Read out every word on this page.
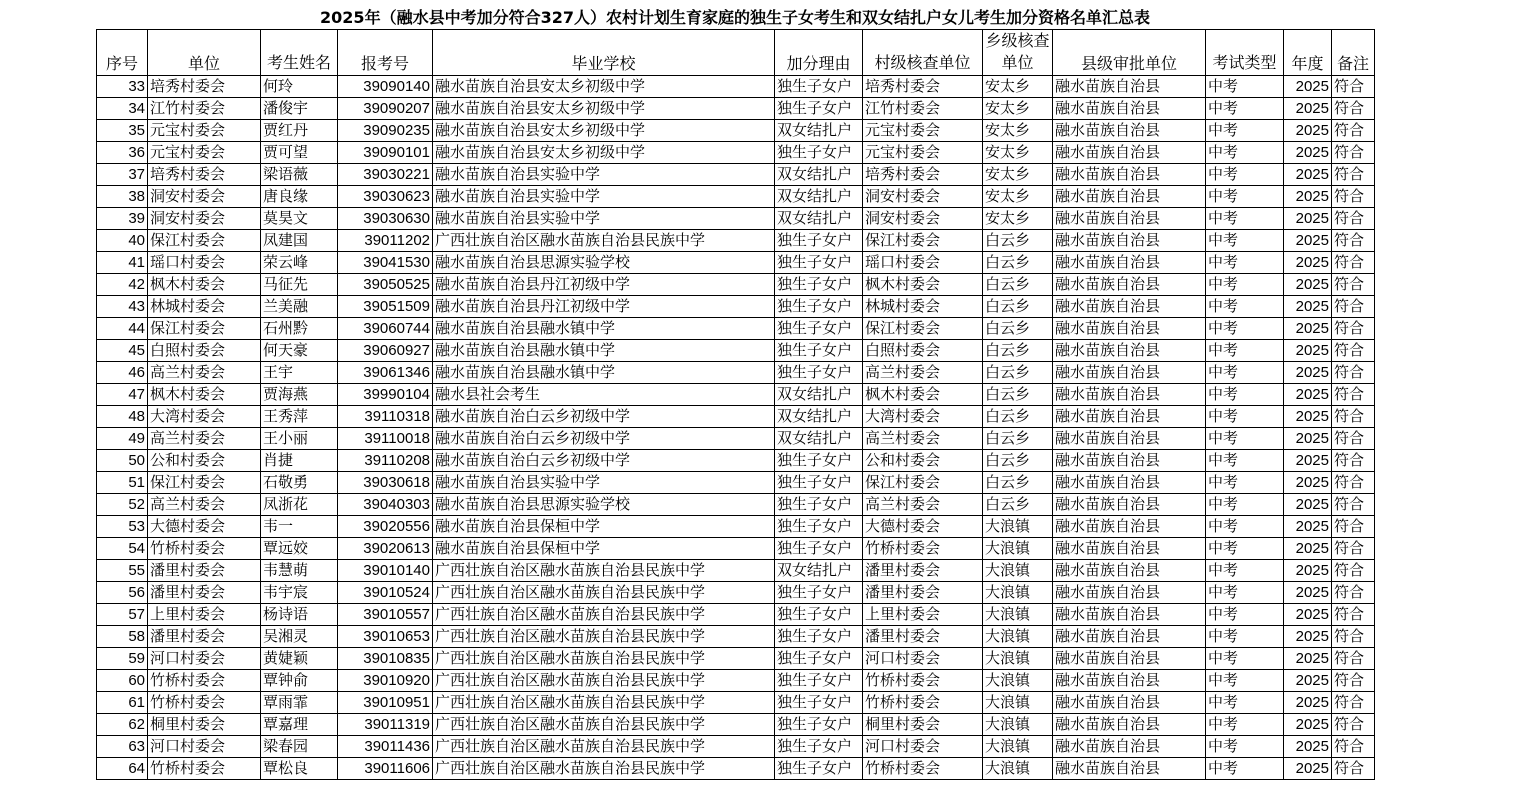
2025年（融水县中考加分符合327人）农村计划生育家庭的独生子女考生和双女结扎户女儿考生加分资格名单汇总表
序号	单位	考生姓名	报考号	毕业学校	加分理由	村级核查单位	乡级核查单位	县级审批单位	考试类型	年度	备注
33	培秀村委会	何玲	39090140	融水苗族自治县安太乡初级中学	独生子女户	培秀村委会	安太乡	融水苗族自治县	中考	2025	符合
34	江竹村委会	潘俊宇	39090207	融水苗族自治县安太乡初级中学	独生子女户	江竹村委会	安太乡	融水苗族自治县	中考	2025	符合
35	元宝村委会	贾红丹	39090235	融水苗族自治县安太乡初级中学	双女结扎户	元宝村委会	安太乡	融水苗族自治县	中考	2025	符合
36	元宝村委会	贾可望	39090101	融水苗族自治县安太乡初级中学	独生子女户	元宝村委会	安太乡	融水苗族自治县	中考	2025	符合
37	培秀村委会	梁语薇	39030221	融水苗族自治县实验中学	双女结扎户	培秀村委会	安太乡	融水苗族自治县	中考	2025	符合
38	洞安村委会	唐良缘	39030623	融水苗族自治县实验中学	双女结扎户	洞安村委会	安太乡	融水苗族自治县	中考	2025	符合
39	洞安村委会	莫昊文	39030630	融水苗族自治县实验中学	双女结扎户	洞安村委会	安太乡	融水苗族自治县	中考	2025	符合
40	保江村委会	凤建国	39011202	广西壮族自治区融水苗族自治县民族中学	独生子女户	保江村委会	白云乡	融水苗族自治县	中考	2025	符合
41	瑶口村委会	荣云峰	39041530	融水苗族自治县思源实验学校	独生子女户	瑶口村委会	白云乡	融水苗族自治县	中考	2025	符合
42	枫木村委会	马征先	39050525	融水苗族自治县丹江初级中学	独生子女户	枫木村委会	白云乡	融水苗族自治县	中考	2025	符合
43	林城村委会	兰美融	39051509	融水苗族自治县丹江初级中学	独生子女户	林城村委会	白云乡	融水苗族自治县	中考	2025	符合
44	保江村委会	石州黔	39060744	融水苗族自治县融水镇中学	独生子女户	保江村委会	白云乡	融水苗族自治县	中考	2025	符合
45	白照村委会	何天豪	39060927	融水苗族自治县融水镇中学	独生子女户	白照村委会	白云乡	融水苗族自治县	中考	2025	符合
46	高兰村委会	王宇	39061346	融水苗族自治县融水镇中学	独生子女户	高兰村委会	白云乡	融水苗族自治县	中考	2025	符合
47	枫木村委会	贾海燕	39990104	融水县社会考生	双女结扎户	枫木村委会	白云乡	融水苗族自治县	中考	2025	符合
48	大湾村委会	王秀萍	39110318	融水苗族自治白云乡初级中学	双女结扎户	大湾村委会	白云乡	融水苗族自治县	中考	2025	符合
49	高兰村委会	王小丽	39110018	融水苗族自治白云乡初级中学	双女结扎户	高兰村委会	白云乡	融水苗族自治县	中考	2025	符合
50	公和村委会	肖捷	39110208	融水苗族自治白云乡初级中学	独生子女户	公和村委会	白云乡	融水苗族自治县	中考	2025	符合
51	保江村委会	石敬勇	39030618	融水苗族自治县实验中学	独生子女户	保江村委会	白云乡	融水苗族自治县	中考	2025	符合
52	高兰村委会	凤浙花	39040303	融水苗族自治县思源实验学校	独生子女户	高兰村委会	白云乡	融水苗族自治县	中考	2025	符合
53	大德村委会	韦一	39020556	融水苗族自治县保桓中学	独生子女户	大德村委会	大浪镇	融水苗族自治县	中考	2025	符合
54	竹桥村委会	覃远姣	39020613	融水苗族自治县保桓中学	独生子女户	竹桥村委会	大浪镇	融水苗族自治县	中考	2025	符合
55	潘里村委会	韦慧萌	39010140	广西壮族自治区融水苗族自治县民族中学	双女结扎户	潘里村委会	大浪镇	融水苗族自治县	中考	2025	符合
56	潘里村委会	韦宇宸	39010524	广西壮族自治区融水苗族自治县民族中学	独生子女户	潘里村委会	大浪镇	融水苗族自治县	中考	2025	符合
57	上里村委会	杨诗语	39010557	广西壮族自治区融水苗族自治县民族中学	独生子女户	上里村委会	大浪镇	融水苗族自治县	中考	2025	符合
58	潘里村委会	吴湘灵	39010653	广西壮族自治区融水苗族自治县民族中学	独生子女户	潘里村委会	大浪镇	融水苗族自治县	中考	2025	符合
59	河口村委会	黄婕颖	39010835	广西壮族自治区融水苗族自治县民族中学	独生子女户	河口村委会	大浪镇	融水苗族自治县	中考	2025	符合
60	竹桥村委会	覃钟俞	39010920	广西壮族自治区融水苗族自治县民族中学	独生子女户	竹桥村委会	大浪镇	融水苗族自治县	中考	2025	符合
61	竹桥村委会	覃雨霏	39010951	广西壮族自治区融水苗族自治县民族中学	独生子女户	竹桥村委会	大浪镇	融水苗族自治县	中考	2025	符合
62	桐里村委会	覃嘉理	39011319	广西壮族自治区融水苗族自治县民族中学	独生子女户	桐里村委会	大浪镇	融水苗族自治县	中考	2025	符合
63	河口村委会	梁春园	39011436	广西壮族自治区融水苗族自治县民族中学	独生子女户	河口村委会	大浪镇	融水苗族自治县	中考	2025	符合
64	竹桥村委会	覃松良	39011606	广西壮族自治区融水苗族自治县民族中学	独生子女户	竹桥村委会	大浪镇	融水苗族自治县	中考	2025	符合
